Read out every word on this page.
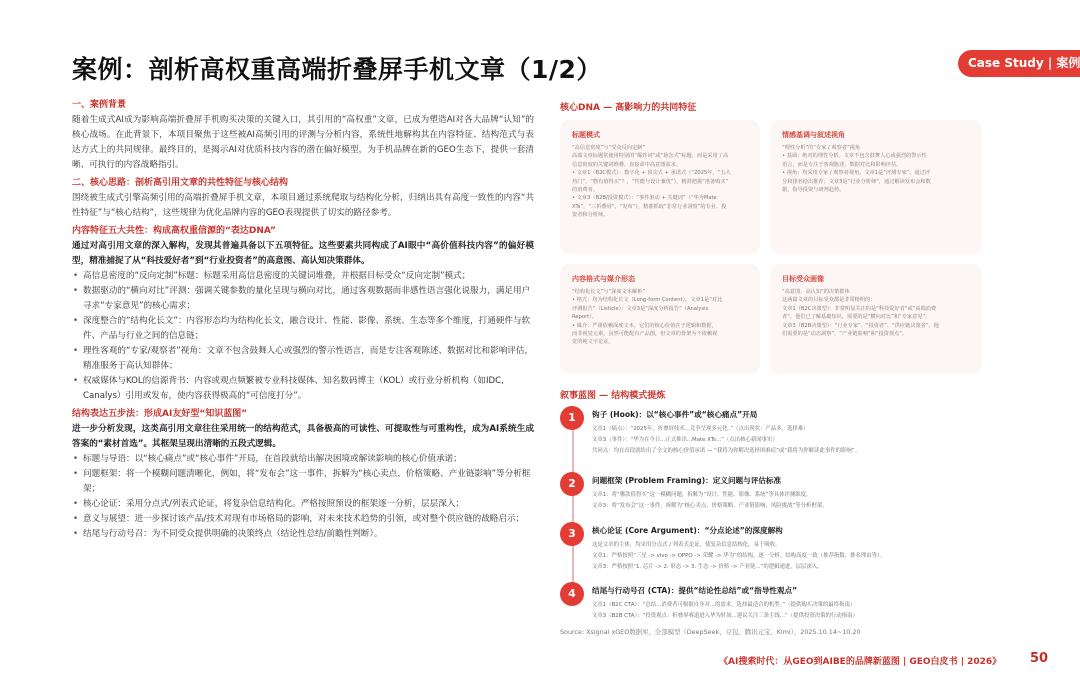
案例：剖析高权重高端折叠屏手机文章（1/2）	Case Study | 案例
一、案例背景
随着生成式AI成为影响高端折叠屏手机购买决策的关键入口，其引用的“高权重”文章，已成为塑造AI对各大品牌“认知”的核心战场。在此背景下，本项目聚焦于这些被AI高频引用的评测与分析内容，系统性地解构其在内容特征、结构范式与表达方式上的共同规律。最终目的，是揭示AI对优质科技内容的潜在偏好模型，为手机品牌在新的GEO生态下，提供一套清晰、可执行的内容战略指引。
二、核心思路：剖析高引用文章的共性特征与核心结构
围绕被生成式引擎高频引用的高端折叠屏手机文章，本项目通过系统爬取与结构化分析，归纳出具有高度一致性的内容“共性特征”与“核心结构”，这些规律为优化品牌内容的GEO表现提供了切实的路径参考。
内容特征五大共性：构成高权重信源的“表达DNA”
通过对高引用文章的深入解构，发现其普遍具备以下五项特征。这些要素共同构成了AI眼中“高价值科技内容”的偏好模型，精准捕捉了从“科技爱好者”到“行业投资者”的高意图、高认知决策群体。
• 高信息密度的“反向定制”标题：标题采用高信息密度的关键词堆叠，并根据目标受众“反向定制”模式；
• 数据驱动的“横向对比”评测：强调关键参数的量化呈现与横向对比，通过客观数据而非感性语言强化说服力，满足用户寻求“专家意见”的核心需求；
• 深度整合的“结构化长文”：内容形态均为结构化长文，融合设计、性能、影像、系统、生态等多个维度，打通硬件与软件、产品与行业之间的信息链；
• 理性客观的“专家/观察者”视角：文章不包含鼓舞人心或强烈的警示性语言，而是专注客观陈述、数据对比和影响评估，精准服务于高认知群体；
• 权威媒体与KOL的信源背书：内容或观点频繁被专业科技媒体、知名数码博主（KOL）或行业分析机构（如IDC, Canalys）引用或发布，使内容获得极高的“可信度打分”。
结构表达五步法：形成AI友好型“知识蓝图”
进一步分析发现，这类高引用文章往往采用统一的结构范式，具备极高的可读性、可提取性与可重构性，成为AI系统生成答案的“素材首选”。其框架呈现出清晰的五段式逻辑。
• 标题与导语：以“核心痛点”或“核心事件”开局，在首段就给出解决困境或解读影响的核心价值承诺；
• 问题框架：将一个模糊问题清晰化，例如，将“发布会”这一事件，拆解为“核心卖点、价格策略、产业链影响”等分析框架；
• 核心论证：采用分点式/列表式论证，将复杂信息结构化。严格按照预设的框架逐一分析，层层深入；
• 意义与展望：进一步探讨该产品/技术对现有市场格局的影响，对未来技术趋势的引领，或对整个供应链的战略启示；
• 结尾与行动号召：为不同受众提供明确的决策终点（结论性总结/前瞻性判断）。
核心DNA — 高影响力的共同特征
标题模式
“高信息密度”与“受众反向定制”
高端文章标题常使用特别的“爆炸词”或“悬念式”标题，而是采用了高
信息密度的关键词堆叠，直接命中高意图需求。
• 文章1（B2C模式）：数字化 + 顶尖式 + 承诺式（“2025年，“五大
热门”，“物有值得买”？，“性能与设计兼优”），精准把握“准备购买”
的消费者。
• 文章3（B2B/投资模式）：“事件驱动 + 关键词”（“华为Mate
XTs”，“三折叠屏”，“发布”），精准抓取“非常行业洞察”的专业、投
资者和分析师。
情感基调与叙述视角
“理性分析”的“专家 / 观察者”视角
• 基调：绝对的理性分析。文章不包含鼓舞人心或强烈的警示性
语言，而是专注于客观陈述、数据对比和影响评估。
• 视角：均采用专家 / 观察者视角。文章1是“评测专家”，通过评
分和排名给出推荐；文章3是“行业分析师”，通过解读发布会和数
据，指导投资与研判趋势。
内容格式与媒介形态
“结构化长文”与“深度文本解析”
• 格式：均为结构化长文（Long-form Content）。文章1是“对比
评测报告”（Listicle）；文章3是“深度分析报告”（Analysis
Report）。
• 媒介：严谨依赖深度文本。它们的核心价值在于逻辑和数据，
而非视觉元素。虽然可能配有产品图，但文章的骨架为不依赖视
觉的纯文字论证。
目标受众画像
“高意图、高认知”的决策群体
这两篇文章的目标受众都是非常精明的：
文章1（B2C决策型）：非常明显关注的是“科技爱好者”或“高端消费
者”。他们已了解基础知识，需要的是“横向对比”和“专家意见”。
文章3（B2B决策型）：“行业专家”、“投资者”、“供应链决策者”。他
们需要的是“动态洞察”，“产业链影响”和“投资观点”。
叙事蓝图 — 结构模式提炼
1	钩子 (Hook)：以“核心事件”或“核心痛点”开局
文章1（痛点）：“2025年，折叠屏技术...竞争呈现多元化。”（点出现状：产品多，选择难）
文章3（事件）：“华为在今日...正式推出...Mate XTs...”（点出核心新闻事实）
共同点：均在首段就给出了全文的核心价值承诺 — “我将为你解决选择困难症”或“我将为你解读此事件的影响”。
2	问题框架 (Problem Framing)：定义问题与评估标准
文章1：将“哪款值得买”这一模糊问题，拆解为“设计、性能、影像、系统”等具体评测维度。
文章3：将“发布会”这一事件，拆解为“核心卖点、价格策略、产业链影响、风险挑战”等分析框架。
3	核心论证 (Core Argument)：“分点论述”的深度解构
这是文章的主体，均采用分点式 / 列表式论证，使复杂信息结构化，易于吸收。
文章1：严格按照“三星 -> vivo -> OPPO -> 荣耀 -> 华为”的结构，逐一分析，结构高度一致（推荐指数、排名理由等）。
文章3：严格按照“1. 芯片 -> 2. 形态 -> 3. 生态 -> 价格 -> 产业链...”的逻辑递进，层层深入。
4	结尾与行动号召 (CTA)：提供“结论性总结”或“指导性观点”
文章1（B2C CTA）：“总结...消费者可根据自身对...的需求，选择最适合的机型。”（提供购买决策的最终指南）
文章3（B2B CTA）：“投资观点：折叠屏赛道进入华为时间...建议关注三条主线...”（提供投资决策的行动指南）
Source: Xsignal xGEO数据库，全部模型（DeepSeek、豆包、腾讯元宝、Kimi），2025.10.14~10.20
《AI搜索时代：从GEO到AIBE的品牌新蓝图 | GEO白皮书 | 2026》 50
